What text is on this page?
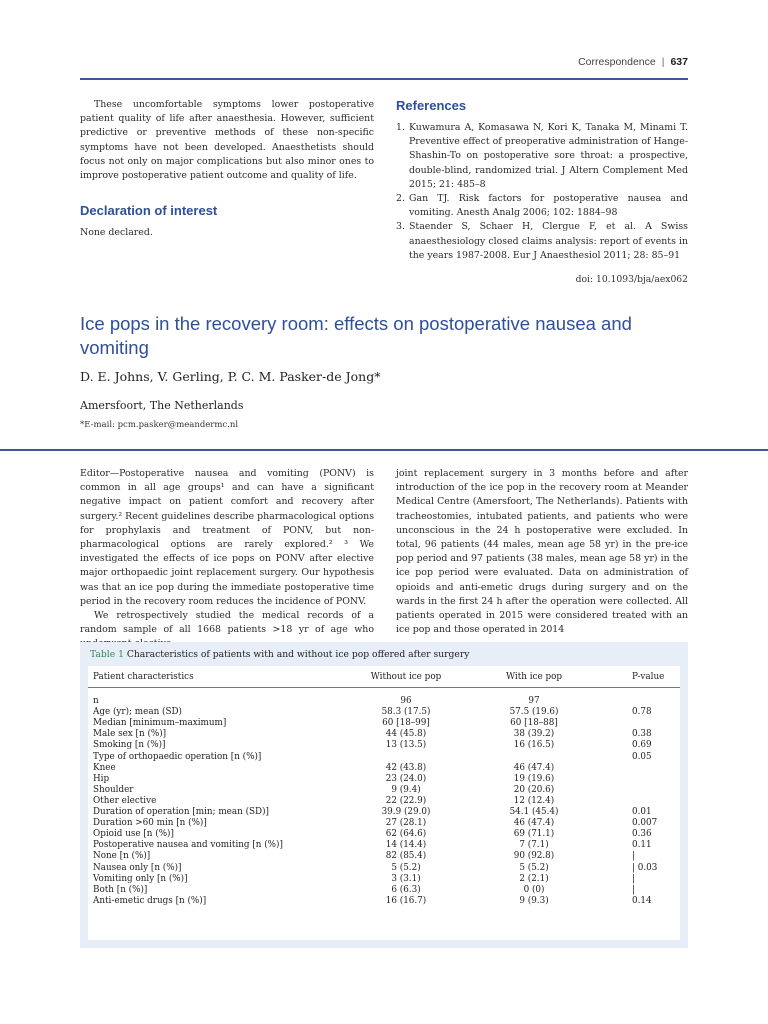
Correspondence | 637

These uncomfortable symptoms lower postoperative patient quality of life after anaesthesia. However, sufficient predictive or preventive methods of these non-specific symptoms have not been developed. Anaesthetists should focus not only on major complications but also minor ones to improve postoperative patient outcome and quality of life.

Declaration of interest

None declared.

References
1. Kuwamura A, Komasawa N, Kori K, Tanaka M, Minami T. Preventive effect of preoperative administration of Hange-Shashin-To on postoperative sore throat: a prospective, double-blind, randomized trial. J Altern Complement Med 2015; 21: 485–8
2. Gan TJ. Risk factors for postoperative nausea and vomiting. Anesth Analg 2006; 102: 1884–98
3. Staender S, Schaer H, Clergue F, et al. A Swiss anaesthesiology closed claims analysis: report of events in the years 1987-2008. Eur J Anaesthesiol 2011; 28: 85–91
doi: 10.1093/bja/aex062
Ice pops in the recovery room: effects on postoperative nausea and vomiting
D. E. Johns, V. Gerling, P. C. M. Pasker-de Jong*
Amersfoort, The Netherlands
*E-mail: pcm.pasker@meandermc.nl

Editor—Postoperative nausea and vomiting (PONV) is common in all age groups¹ and can have a significant negative impact on patient comfort and recovery after surgery.² Recent guidelines describe pharmacological options for prophylaxis and treatment of PONV, but non-pharmacological options are rarely explored.² ³ We investigated the effects of ice pops on PONV after elective major orthopaedic joint replacement surgery. Our hypothesis was that an ice pop during the immediate postoperative time period in the recovery room reduces the incidence of PONV.

We retrospectively studied the medical records of a random sample of all 1668 patients >18 yr of age who

joint replacement surgery in 3 months before and after introduction of the ice pop in the recovery room at Meander Medical Centre (Amersfoort, The Netherlands). Patients with tracheostomies, intubated patients, and patients who were unconscious in the 24 h postoperative were excluded. In total, 96 patients (44 males, mean age 58 yr) in the pre-ice pop period and 97 patients (38 males, mean age 58 yr) in the ice pop period were evaluated. Data on administration of opioids and anti-emetic drugs during surgery and on the wards in the first 24 h after the operation were collected. All patients operated in 2015 were considered treated with an ice pop and those operated in 2014

Table 1 Characteristics of patients with and without ice pop offered after surgery
Patient characteristics	Without ice pop	With ice pop	P-value
n	96	97	
Age (yr); mean (SD)	58.3 (17.5)	57.5 (19.6)	0.78
Median [minimum–maximum]	60 [18–99]	60 [18–88]	
Male sex [n (%)]	44 (45.8)	38 (39.2)	0.38
Smoking [n (%)]	13 (13.5)	16 (16.5)	0.69
Type of orthopaedic operation [n (%)]			0.05
Knee	42 (43.8)	46 (47.4)	
Hip	23 (24.0)	19 (19.6)	
Shoulder	9 (9.4)	20 (20.6)	
Other elective	22 (22.9)	12 (12.4)	
Duration of operation [min; mean (SD)]	39.9 (29.0)	54.1 (45.4)	0.01
Duration >60 min [n (%)]	27 (28.1)	46 (47.4)	0.007
Opioid use [n (%)]	62 (64.6)	69 (71.1)	0.36
Postoperative nausea and vomiting [n (%)]	14 (14.4)	7 (7.1)	0.11
None [n (%)]	82 (85.4)	90 (92.8)	|
Nausea only [n (%)]	5 (5.2)	5 (5.2)	| 0.03
Vomiting only [n (%)]	3 (3.1)	2 (2.1)	|
Both [n (%)]	6 (6.3)	0 (0)	|
Anti-emetic drugs [n (%)]	16 (16.7)	9 (9.3)	0.14
